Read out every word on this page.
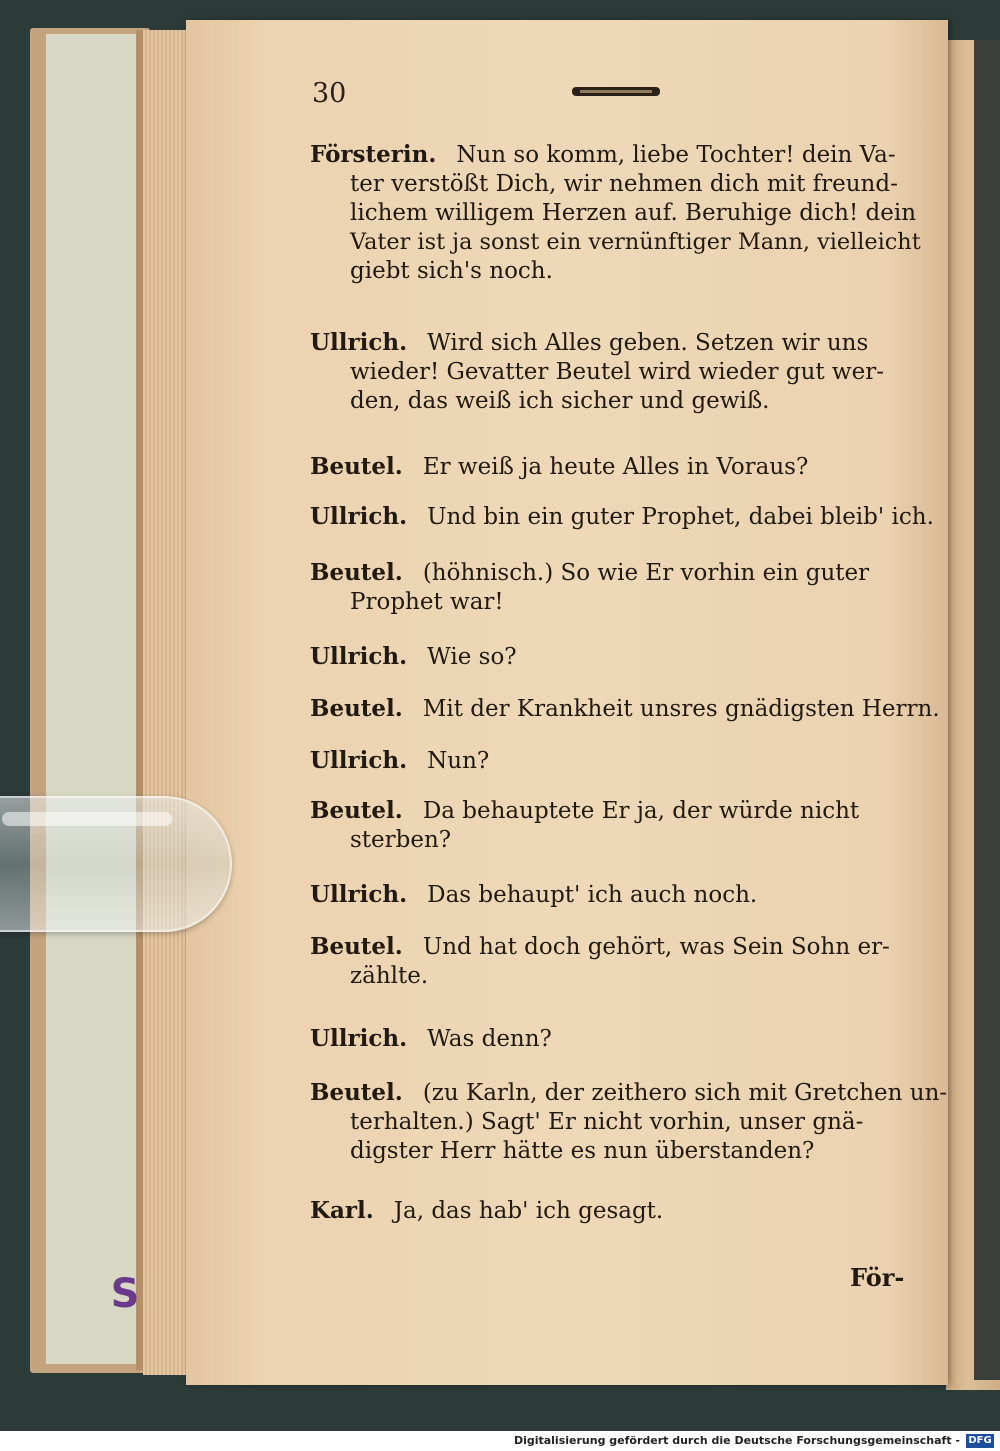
30
Försterin. Nun so komm, liebe Tochter! dein Va-
ter verstößt Dich, wir nehmen dich mit freund-
lichem willigem Herzen auf. Beruhige dich! dein
Vater ist ja sonst ein vernünftiger Mann, vielleicht
giebt sich's noch.
Ullrich. Wird sich Alles geben. Setzen wir uns
wieder! Gevatter Beutel wird wieder gut wer-
den, das weiß ich sicher und gewiß.
Beutel. Er weiß ja heute Alles in Voraus?
Ullrich. Und bin ein guter Prophet, dabei bleib' ich.
Beutel. (höhnisch.) So wie Er vorhin ein guter
Prophet war!
Ullrich. Wie so?
Beutel. Mit der Krankheit unsres gnädigsten Herrn.
Ullrich. Nun?
Beutel. Da behauptete Er ja, der würde nicht
sterben?
Ullrich. Das behaupt' ich auch noch.
Beutel. Und hat doch gehört, was Sein Sohn er-
zählte.
Ullrich. Was denn?
Beutel. (zu Karln, der zeithero sich mit Gretchen un-
terhalten.) Sagt' Er nicht vorhin, unser gnä-
digster Herr hätte es nun überstanden?
Karl. Ja, das hab' ich gesagt.
För-
S
Digitalisierung gefördert durch die Deutsche Forschungsgemeinschaft - DFG
